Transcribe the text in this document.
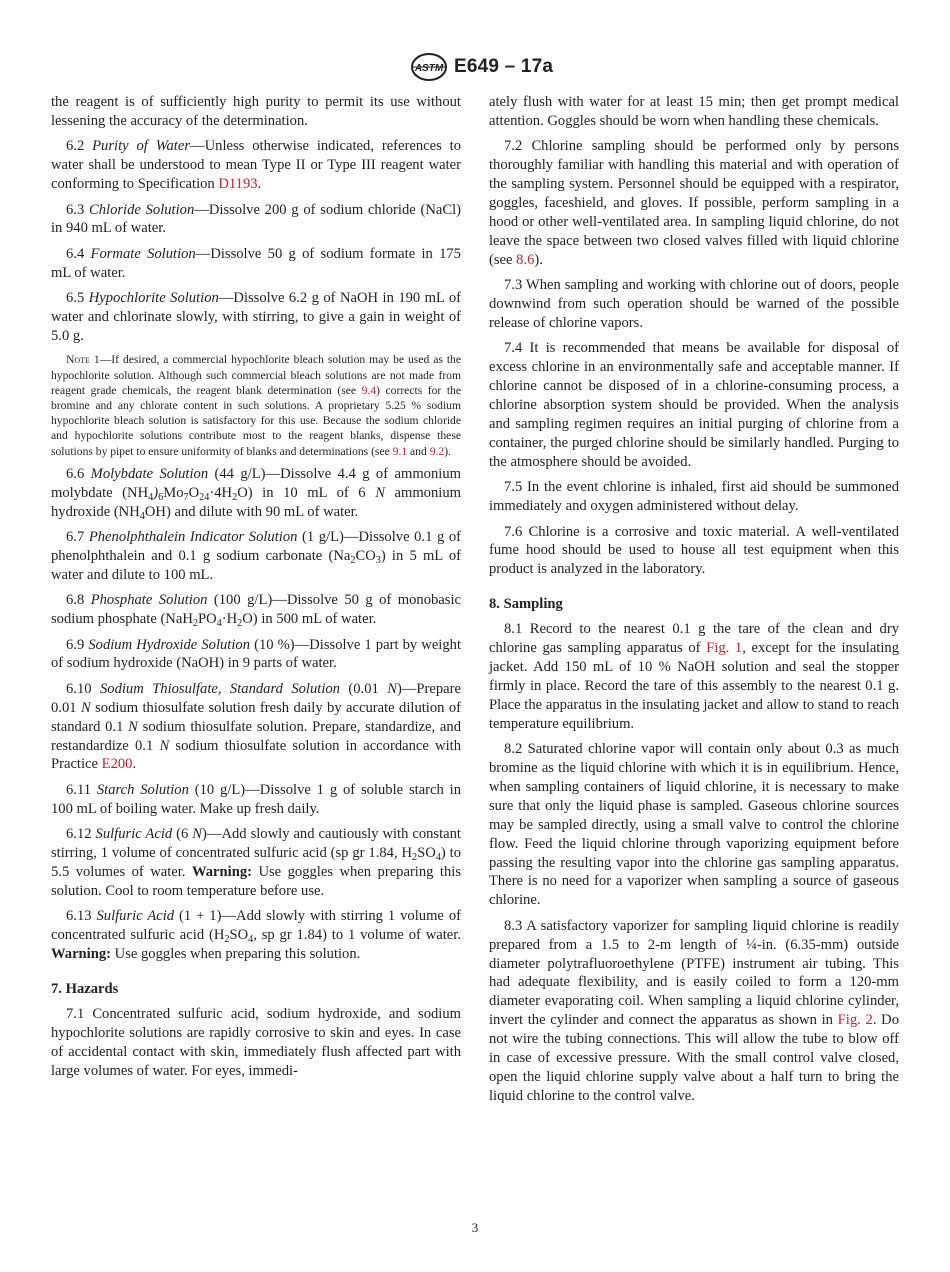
ASTM E649 – 17a

the reagent is of sufficiently high purity to permit its use without lessening the accuracy of the determination.

6.2 Purity of Water—Unless otherwise indicated, references to water shall be understood to mean Type II or Type III reagent water conforming to Specification D1193.

6.3 Chloride Solution—Dissolve 200 g of sodium chloride (NaCl) in 940 mL of water.

6.4 Formate Solution—Dissolve 50 g of sodium formate in 175 mL of water.

6.5 Hypochlorite Solution—Dissolve 6.2 g of NaOH in 190 mL of water and chlorinate slowly, with stirring, to give a gain in weight of 5.0 g.

Note 1—If desired, a commercial hypochlorite bleach solution may be used as the hypochlorite solution. Although such commercial bleach solutions are not made from reagent grade chemicals, the reagent blank determination (see 9.4) corrects for the bromine and any chlorate content in such solutions. A proprietary 5.25 % sodium hypochlorite bleach solution is satisfactory for this use. Because the sodium chloride and hypochlorite solutions contribute most to the reagent blanks, dispense these solutions by pipet to ensure uniformity of blanks and determinations (see 9.1 and 9.2).

6.6 Molybdate Solution (44 g/L)—Dissolve 4.4 g of ammonium molybdate $(NH_4)_6Mo_7O_{24}\cdot 4H_2O$) in 10 mL of 6 N ammonium hydroxide $(NH_4OH)$ and dilute with 90 mL of water.

6.7 Phenolphthalein Indicator Solution (1 g/L)—Dissolve 0.1 g of phenolphthalein and 0.1 g sodium carbonate $(Na_2CO_3)$ in 5 mL of water and dilute to 100 mL.

6.8 Phosphate Solution (100 g/L)—Dissolve 50 g of monobasic sodium phosphate $(NaH_2PO_4\cdot H_2O)$ in 500 mL of water.

6.9 Sodium Hydroxide Solution (10 %)—Dissolve 1 part by weight of sodium hydroxide (NaOH) in 9 parts of water.

6.10 Sodium Thiosulfate, Standard Solution (0.01 N)—Prepare 0.01 N sodium thiosulfate solution fresh daily by accurate dilution of standard 0.1 N sodium thiosulfate solution. Prepare, standardize, and restandardize 0.1 N sodium thiosulfate solution in accordance with Practice E200.

6.11 Starch Solution (10 g/L)—Dissolve 1 g of soluble starch in 100 mL of boiling water. Make up fresh daily.

6.12 Sulfuric Acid (6 N)—Add slowly and cautiously with constant stirring, 1 volume of concentrated sulfuric acid (sp gr 1.84, $H_2SO_4$) to 5.5 volumes of water. Warning: Use goggles when preparing this solution. Cool to room temperature before use.

6.13 Sulfuric Acid (1 + 1)—Add slowly with stirring 1 volume of concentrated sulfuric acid ($H_2SO_4$, sp gr 1.84) to 1 volume of water. Warning: Use goggles when preparing this solution.

7. Hazards

7.1 Concentrated sulfuric acid, sodium hydroxide, and sodium hypochlorite solutions are rapidly corrosive to skin and eyes. In case of accidental contact with skin, immediately flush affected part with large volumes of water. For eyes, immedi-

ately flush with water for at least 15 min; then get prompt medical attention. Goggles should be worn when handling these chemicals.

7.2 Chlorine sampling should be performed only by persons thoroughly familiar with handling this material and with operation of the sampling system. Personnel should be equipped with a respirator, goggles, faceshield, and gloves. If possible, perform sampling in a hood or other well-ventilated area. In sampling liquid chlorine, do not leave the space between two closed valves filled with liquid chlorine (see 8.6).

7.3 When sampling and working with chlorine out of doors, people downwind from such operation should be warned of the possible release of chlorine vapors.

7.4 It is recommended that means be available for disposal of excess chlorine in an environmentally safe and acceptable manner. If chlorine cannot be disposed of in a chlorine-consuming process, a chlorine absorption system should be provided. When the analysis and sampling regimen requires an initial purging of chlorine from a container, the purged chlorine should be similarly handled. Purging to the atmosphere should be avoided.

7.5 In the event chlorine is inhaled, first aid should be summoned immediately and oxygen administered without delay.

7.6 Chlorine is a corrosive and toxic material. A well-ventilated fume hood should be used to house all test equipment when this product is analyzed in the laboratory.

8. Sampling

8.1 Record to the nearest 0.1 g the tare of the clean and dry chlorine gas sampling apparatus of Fig. 1, except for the insulating jacket. Add 150 mL of 10 % NaOH solution and seal the stopper firmly in place. Record the tare of this assembly to the nearest 0.1 g. Place the apparatus in the insulating jacket and allow to stand to reach temperature equilibrium.

8.2 Saturated chlorine vapor will contain only about 0.3 as much bromine as the liquid chlorine with which it is in equilibrium. Hence, when sampling containers of liquid chlorine, it is necessary to make sure that only the liquid phase is sampled. Gaseous chlorine sources may be sampled directly, using a small valve to control the chlorine flow. Feed the liquid chlorine through vaporizing equipment before passing the resulting vapor into the chlorine gas sampling apparatus. There is no need for a vaporizer when sampling a source of gaseous chlorine.

8.3 A satisfactory vaporizer for sampling liquid chlorine is readily prepared from a 1.5 to 2-m length of ¼-in. (6.35-mm) outside diameter polytrafluoroethylene (PTFE) instrument air tubing. This had adequate flexibility, and is easily coiled to form a 120-mm diameter evaporating coil. When sampling a liquid chlorine cylinder, invert the cylinder and connect the apparatus as shown in Fig. 2. Do not wire the tubing connections. This will allow the tube to blow off in case of excessive pressure. With the small control valve closed, open the liquid chlorine supply valve about a half turn to bring the liquid chlorine to the control valve.

3
